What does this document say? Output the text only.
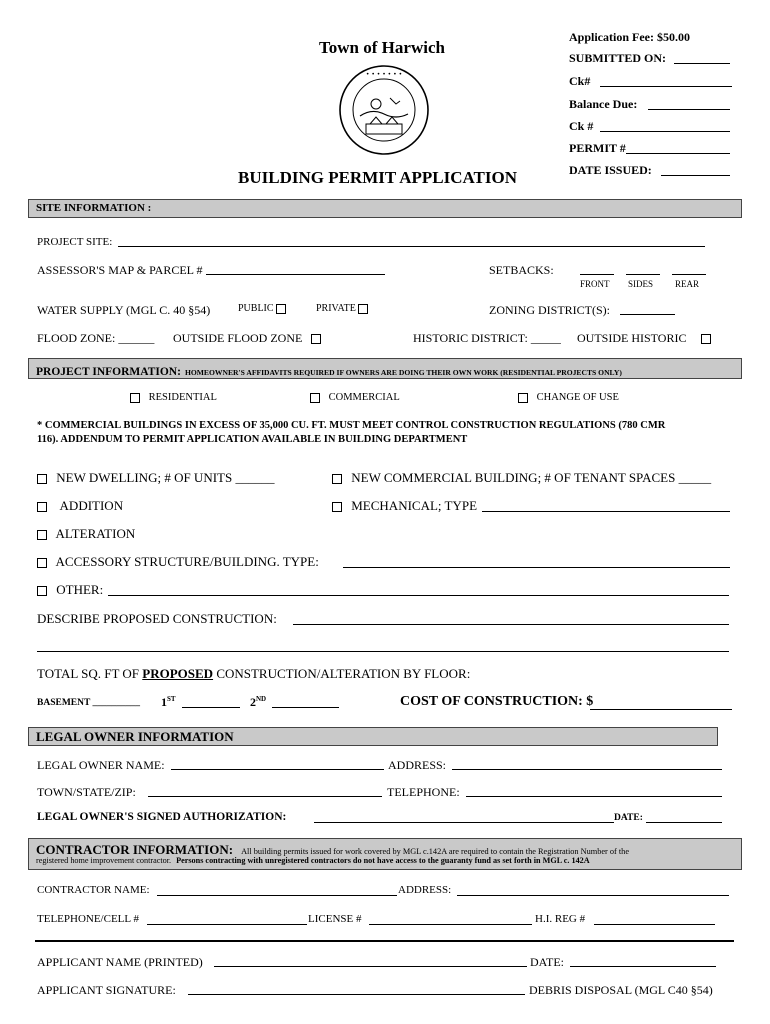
Town of Harwich
• • • • • • •
BUILDING PERMIT APPLICATION
Application Fee: $50.00
SUBMITTED ON:
Ck#
Balance Due:
Ck #
PERMIT #
DATE ISSUED:
SITE INFORMATION :
PROJECT SITE:
ASSESSOR'S MAP & PARCEL #	SETBACKS:
FRONT SIDES REAR
WATER SUPPLY (MGL C. 40 §54)	PUBLIC	PRIVATE	ZONING DISTRICT(S):
FLOOD ZONE: ______ OUTSIDE FLOOD ZONE	HISTORIC DISTRICT: _____ OUTSIDE HISTORIC
PROJECT INFORMATION: HOMEOWNER'S AFFIDAVITS REQUIRED IF OWNERS ARE DOING THEIR OWN WORK (RESIDENTIAL PROJECTS ONLY)
RESIDENTIAL	COMMERCIAL	CHANGE OF USE
* COMMERCIAL BUILDINGS IN EXCESS OF 35,000 CU. FT. MUST MEET CONTROL CONSTRUCTION REGULATIONS (780 CMR
116). ADDENDUM TO PERMIT APPLICATION AVAILABLE IN BUILDING DEPARTMENT
NEW DWELLING; # OF UNITS ______	NEW COMMERCIAL BUILDING; # OF TENANT SPACES _____
ADDITION	MECHANICAL; TYPE
ALTERATION
ACCESSORY STRUCTURE/BUILDING. TYPE:
OTHER:
DESCRIBE PROPOSED CONSTRUCTION:
TOTAL SQ. FT OF PROPOSED CONSTRUCTION/ALTERATION BY FLOOR:
BASEMENT __________ 1ST	2ND	COST OF CONSTRUCTION: $
LEGAL OWNER INFORMATION
LEGAL OWNER NAME:	ADDRESS:
TOWN/STATE/ZIP:	TELEPHONE:
LEGAL OWNER'S SIGNED AUTHORIZATION:	DATE:
CONTRACTOR INFORMATION: All building permits issued for work covered by MGL c.142A are required to contain the Registration Number of the
registered home improvement contractor. Persons contracting with unregistered contractors do not have access to the guaranty fund as set forth in MGL c. 142A
CONTRACTOR NAME:	ADDRESS:
TELEPHONE/CELL #	LICENSE #	H.I. REG #
APPLICANT NAME (PRINTED)	DATE:
APPLICANT SIGNATURE:	DEBRIS DISPOSAL (MGL C40 §54)
